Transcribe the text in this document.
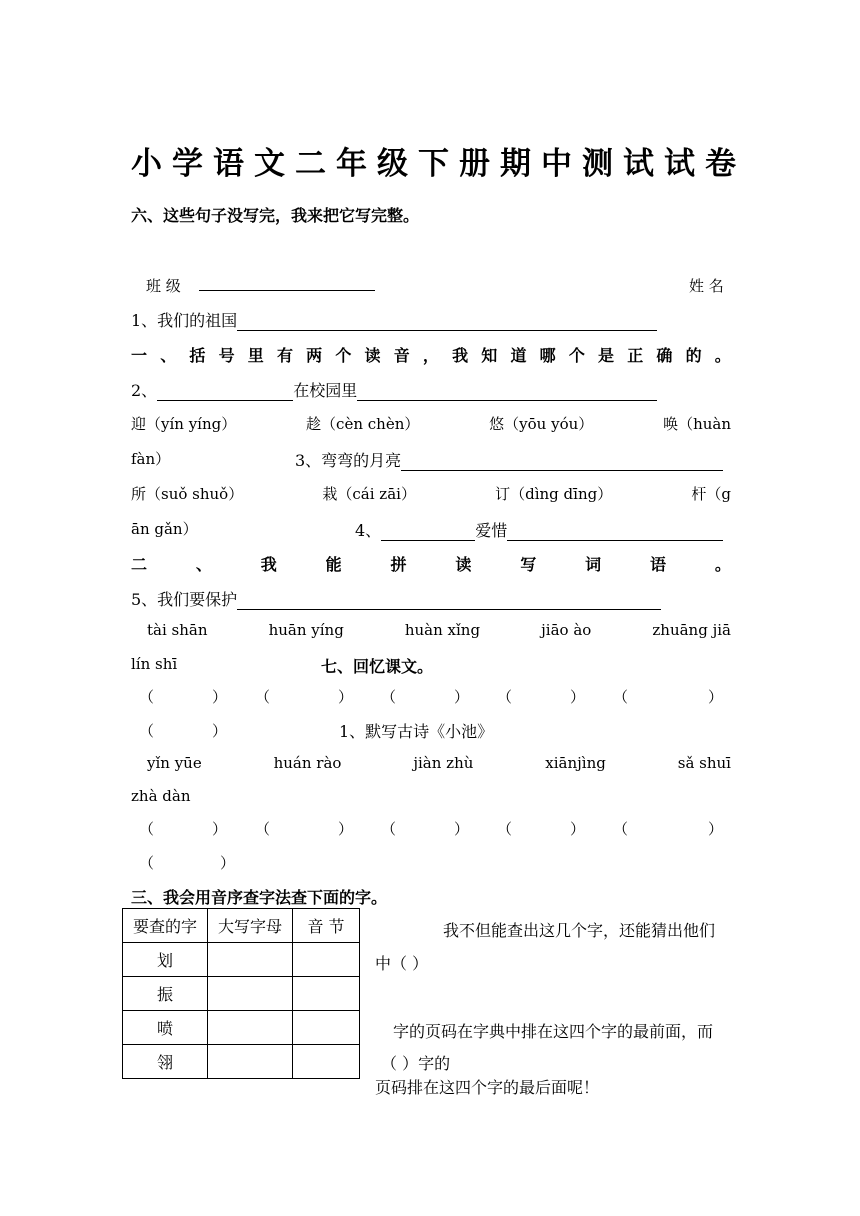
小学语文二年级下册期中测试试卷
六、这些句子没写完，我来把它写完整。
班 级	姓 名
1、我们的祖国
一 、 括 号 里 有 两 个 读 音 ， 我 知 道 哪 个 是 正 确 的 。
2、	在校园里
迎（yín yíng）	趁（cèn chèn）	悠（yōu yóu）	唤（huàn
fàn）	3、弯弯的月亮
所（suǒ shuǒ）	栽（cái zāi）	订（dìng dīng）	杆（g
ān gǎn）	4、	爱惜
二	、	我	能	拼	读	写	词	语	。
5、我们要保护
tài shān	huān yíng	huàn xǐng	jiāo ào	zhuāng jiā
lín shī	七、回忆课文。
（	） （	） （	） （	） （	）
（	）	1、默写古诗《小池》
yǐn yūe	huán rào	jiàn zhù	xiānjìng	sǎ shuī
zhà dàn
（	） （	） （	） （	） （	）
（	）
三、我会用音序查字法查下面的字。
要查的字	大写字母	音 节
划		
振		
喷		
翎		
我不但能查出这几个字，还能猜出他们
中（ ）
字的页码在字典中排在这四个字的最前面，而
（ ）字的
页码排在这四个字的最后面呢！
